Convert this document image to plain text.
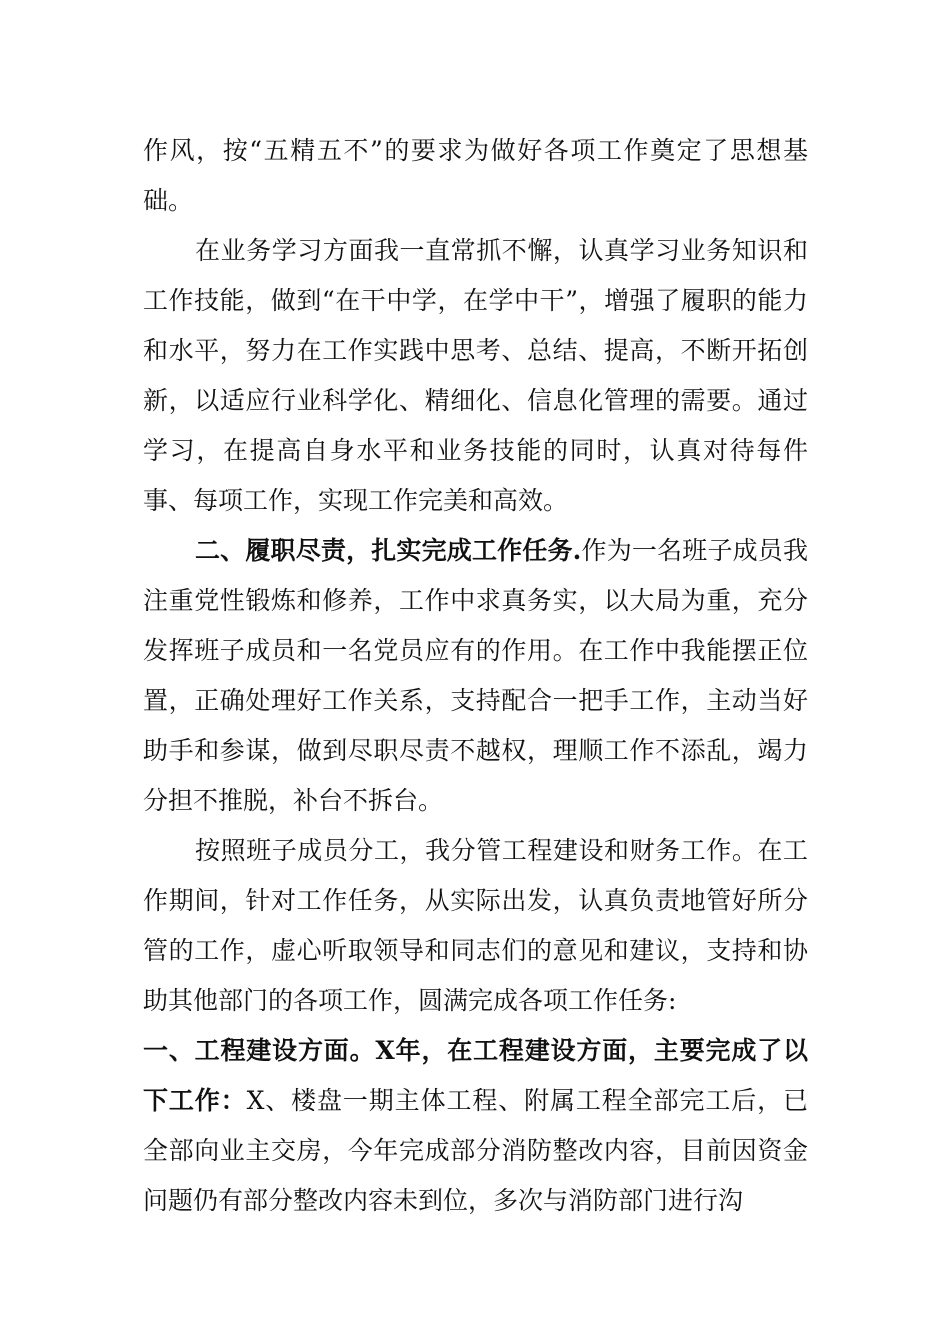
作风，按“五精五不”的要求为做好各项工作奠定了思想基础。

在业务学习方面我一直常抓不懈，认真学习业务知识和工作技能，做到“在干中学，在学中干”，增强了履职的能力和水平，努力在工作实践中思考、总结、提高，不断开拓创新，以适应行业科学化、精细化、信息化管理的需要。通过学习，在提高自身水平和业务技能的同时，认真对待每件事、每项工作，实现工作完美和高效。

二、履职尽责，扎实完成工作任务.作为一名班子成员我注重党性锻炼和修养，工作中求真务实，以大局为重，充分发挥班子成员和一名党员应有的作用。在工作中我能摆正位置，正确处理好工作关系，支持配合一把手工作，主动当好助手和参谋，做到尽职尽责不越权，理顺工作不添乱，竭力分担不推脱，补台不拆台。

按照班子成员分工，我分管工程建设和财务工作。在工作期间，针对工作任务，从实际出发，认真负责地管好所分管的工作，虚心听取领导和同志们的意见和建议，支持和协助其他部门的各项工作，圆满完成各项工作任务:

一、工程建设方面。X年，在工程建设方面，主要完成了以下工作：X、楼盘一期主体工程、附属工程全部完工后，已全部向业主交房，今年完成部分消防整改内容，目前因资金问题仍有部分整改内容未到位，多次与消防部门进行沟
